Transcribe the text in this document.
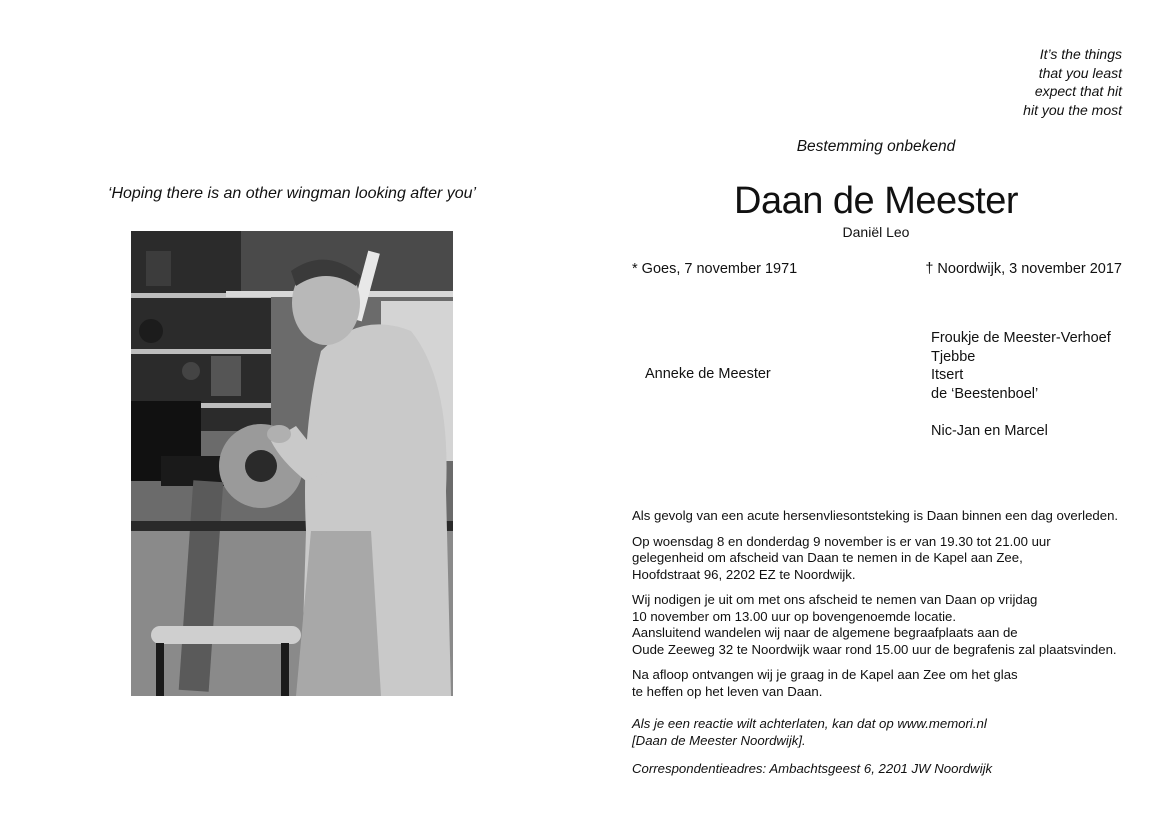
It’s the things
that you least
expect that hit
hit you the most
Bestemming onbekend
Daan de Meester
Daniël Leo
‘Hoping there is an other wingman looking after you’
* Goes, 7 november 1971	† Noordwijk, 3 november 2017
Anneke de Meester
Froukje de Meester-Verhoef
Tjebbe
Itsert
de ‘Beestenboel’
Nic-Jan en Marcel

Als gevolg van een acute hersenvliesontsteking is Daan binnen een dag overleden.

Op woensdag 8 en donderdag 9 november is er van 19.30 tot 21.00 uur
gelegenheid om afscheid van Daan te nemen in de Kapel aan Zee,
Hoofdstraat 96, 2202 EZ te Noordwijk.

Wij nodigen je uit om met ons afscheid te nemen van Daan op vrijdag
10 november om 13.00 uur op bovengenoemde locatie.
Aansluitend wandelen wij naar de algemene begraafplaats aan de
Oude Zeeweg 32 te Noordwijk waar rond 15.00 uur de begrafenis zal plaatsvinden.

Na afloop ontvangen wij je graag in de Kapel aan Zee om het glas
te heffen op het leven van Daan.

Als je een reactie wilt achterlaten, kan dat op www.memori.nl
[Daan de Meester Noordwijk].

Correspondentieadres: Ambachtsgeest 6, 2201 JW Noordwijk
